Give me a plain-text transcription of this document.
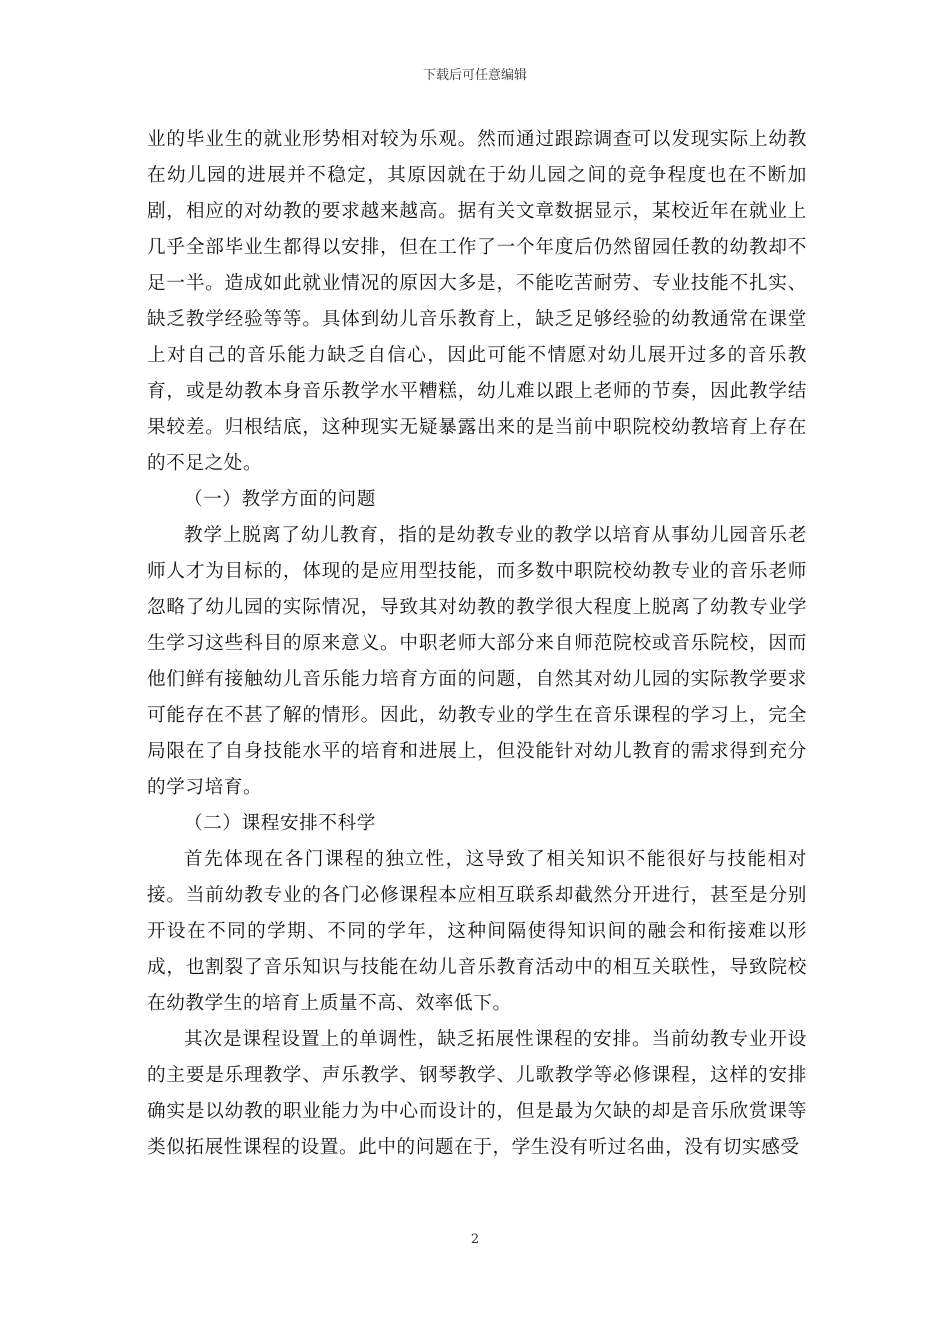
下载后可任意编辑

业的毕业生的就业形势相对较为乐观。然而通过跟踪调查可以发现实际上幼教在幼儿园的进展并不稳定，其原因就在于幼儿园之间的竞争程度也在不断加剧，相应的对幼教的要求越来越高。据有关文章数据显示，某校近年在就业上几乎全部毕业生都得以安排，但在工作了一个年度后仍然留园任教的幼教却不足一半。造成如此就业情况的原因大多是，不能吃苦耐劳、专业技能不扎实、缺乏教学经验等等。具体到幼儿音乐教育上，缺乏足够经验的幼教通常在课堂上对自己的音乐能力缺乏自信心，因此可能不情愿对幼儿展开过多的音乐教育，或是幼教本身音乐教学水平糟糕，幼儿难以跟上老师的节奏，因此教学结果较差。归根结底，这种现实无疑暴露出来的是当前中职院校幼教培育上存在的不足之处。

（一）教学方面的问题

教学上脱离了幼儿教育，指的是幼教专业的教学以培育从事幼儿园音乐老师人才为目标的，体现的是应用型技能，而多数中职院校幼教专业的音乐老师忽略了幼儿园的实际情况，导致其对幼教的教学很大程度上脱离了幼教专业学生学习这些科目的原来意义。中职老师大部分来自师范院校或音乐院校，因而他们鲜有接触幼儿音乐能力培育方面的问题，自然其对幼儿园的实际教学要求可能存在不甚了解的情形。因此，幼教专业的学生在音乐课程的学习上，完全局限在了自身技能水平的培育和进展上，但没能针对幼儿教育的需求得到充分的学习培育。

（二）课程安排不科学

首先体现在各门课程的独立性，这导致了相关知识不能很好与技能相对接。当前幼教专业的各门必修课程本应相互联系却截然分开进行，甚至是分别开设在不同的学期、不同的学年，这种间隔使得知识间的融会和衔接难以形成，也割裂了音乐知识与技能在幼儿音乐教育活动中的相互关联性，导致院校在幼教学生的培育上质量不高、效率低下。

其次是课程设置上的单调性，缺乏拓展性课程的安排。当前幼教专业开设的主要是乐理教学、声乐教学、钢琴教学、儿歌教学等必修课程，这样的安排确实是以幼教的职业能力为中心而设计的，但是最为欠缺的却是音乐欣赏课等类似拓展性课程的设置。此中的问题在于，学生没有听过名曲，没有切实感受

2
